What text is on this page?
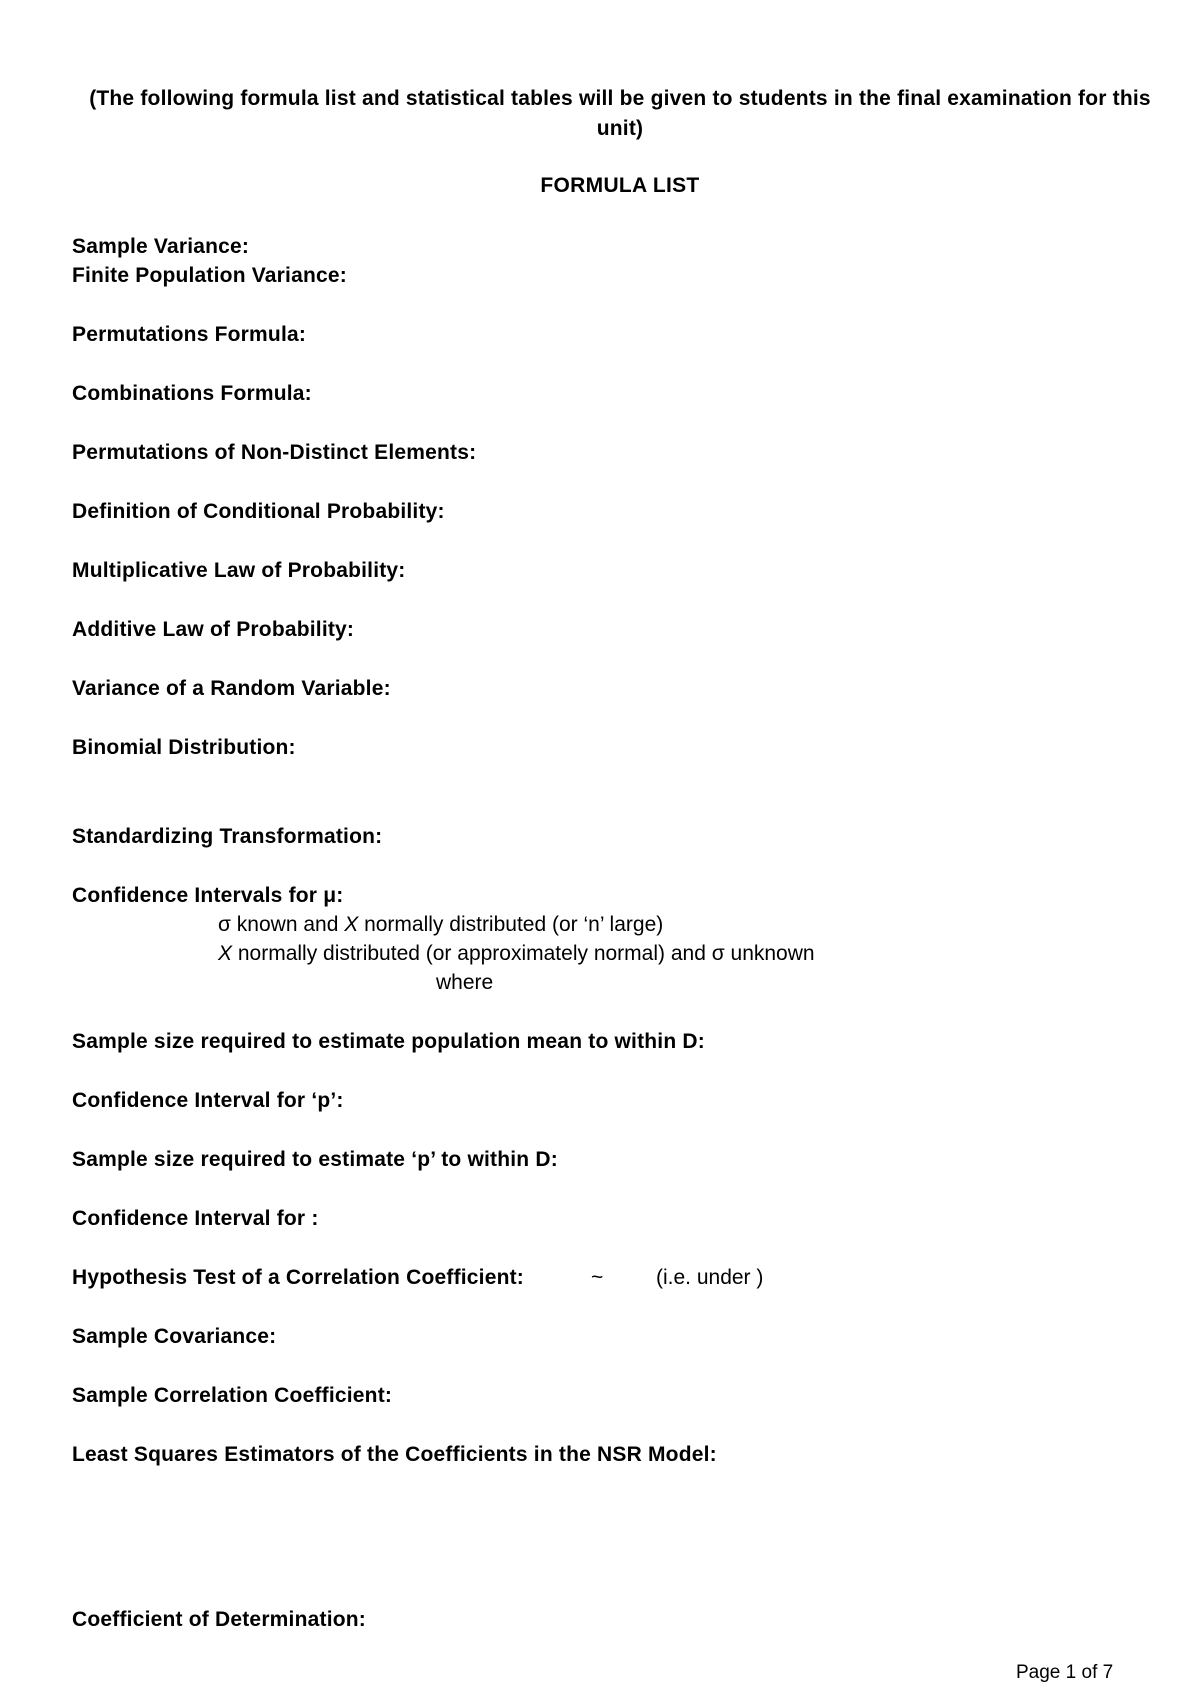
(The following formula list and statistical tables will be given to students in the final examination for this unit)
FORMULA LIST
Sample Variance:
Finite Population Variance:
Permutations Formula:
Combinations Formula:
Permutations of Non-Distinct Elements:
Definition of Conditional Probability:
Multiplicative Law of Probability:
Additive Law of Probability:
Variance of a Random Variable:
Binomial Distribution:
Standardizing Transformation:
Confidence Intervals for μ:
σ known and X normally distributed (or ‘n’ large)
X normally distributed (or approximately normal) and σ unknown
where
Sample size required to estimate population mean to within D:
Confidence Interval for ‘p’:
Sample size required to estimate ‘p’ to within D:
Confidence Interval for :
Hypothesis Test of a Correlation Coefficient:	~	(i.e. under )
Sample Covariance:
Sample Correlation Coefficient:
Least Squares Estimators of the Coefficients in the NSR Model:
Coefficient of Determination:
Page 1 of 7
